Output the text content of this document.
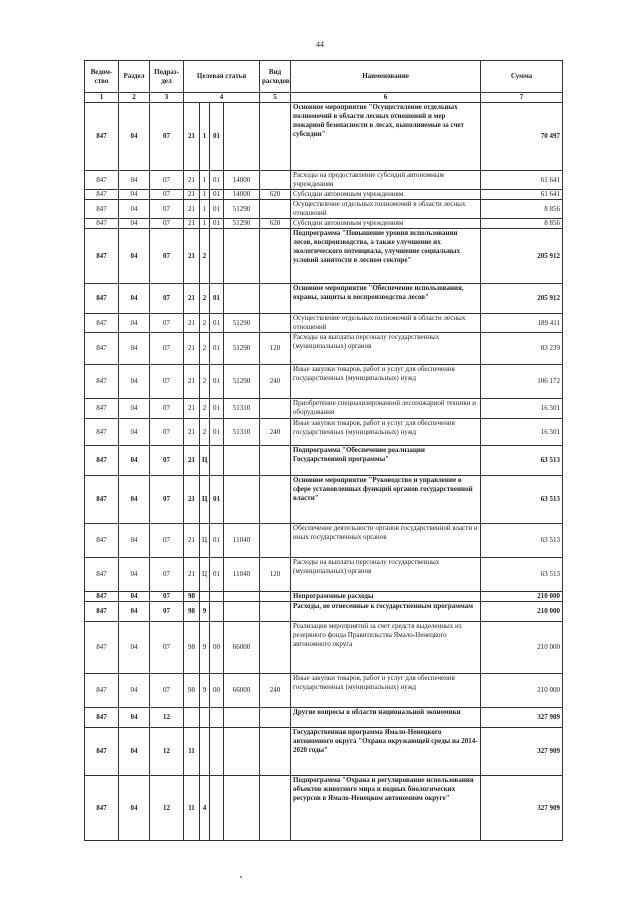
44
Ведом-ство	Раздел	Подраз-дел	Целевая статья				Вид расходов	Наименование	Сумма
1	2	3	4				5	6	7
847	04	07	21	1	01			Основное мероприятие "Осуществление отдельных полномочий в области лесных отношений и мер пожарной безопасности в лесах, выполняемые за счет субсидии"	70 497
847	04	07	21	1	01	14000		Расходы на предоставление субсидий автономным учреждениям	61 641
847	04	07	21	1	01	14000	620	Субсидии автономным учреждениям	61 641
847	04	07	21	1	01	51290		Осуществление отдельных полномочий в области лесных отношений	8 856
847	04	07	21	1	01	51290	620	Субсидии автономным учреждениям	8 856
847	04	07	21	2				Подпрограмма "Повышение уровня использования лесов, воспроизводства, а также улучшение их экологического потенциала, улучшение социальных условий занятости в лесном секторе"	205 912
847	04	07	21	2	01			Основное мероприятие "Обеспечение использования, охраны, защиты и воспроизводства лесов"	205 912
847	04	07	21	2	01	51290		Осуществление отдельных полномочий в области лесных отношений	189 411
847	04	07	21	2	01	51290	120	Расходы на выплаты персоналу государственных (муниципальных) органов	83 239
847	04	07	21	2	01	51290	240	Иные закупки товаров, работ и услуг для обеспечения государственных (муниципальных) нужд	106 172
847	04	07	21	2	01	51310		Приобретение специализированной лесопожарной техники и оборудования	16 501
847	04	07	21	2	01	51310	240	Иные закупки товаров, работ и услуг для обеспечения государственных (муниципальных) нужд	16 501
847	04	07	21	Ц				Подпрограмма "Обеспечение реализации Государственной программы"	63 513
847	04	07	21	Ц	01			Основное мероприятие "Руководство и управление в сфере установленных функций органов государственной власти"	63 513
847	04	07	21	Ц	01	11040		Обеспечение деятельности органов государственной власти и иных государственных органов	63 513
847	04	07	21	Ц	01	11040	120	Расходы на выплаты персоналу государственных (муниципальных) органов	63 513
847	04	07	98					Непрограммные расходы	210 000
847	04	07	98	9				Расходы, не отнесенные к государственным программам	210 000
847	04	07	98	9	00	66000		Реализация мероприятий за счет средств выделенных из резервного фонда Правительства Ямало-Ненецкого автономного округа	210 000
847	04	07	98	9	00	66000	240	Иные закупки товаров, работ и услуг для обеспечения государственных (муниципальных) нужд	210 000
847	04	12						Другие вопросы в области национальной экономики	327 909
847	04	12	11					Государственная программа Ямало-Ненецкого автономного округа "Охрана окружающей среды на 2014-2020 годы"	327 909
847	04	12	11	4				Подпрограмма "Охрана и регулирование использования объектов животного мира и водных биологических ресурсов в Ямало-Ненецком автономном округе"	327 909
